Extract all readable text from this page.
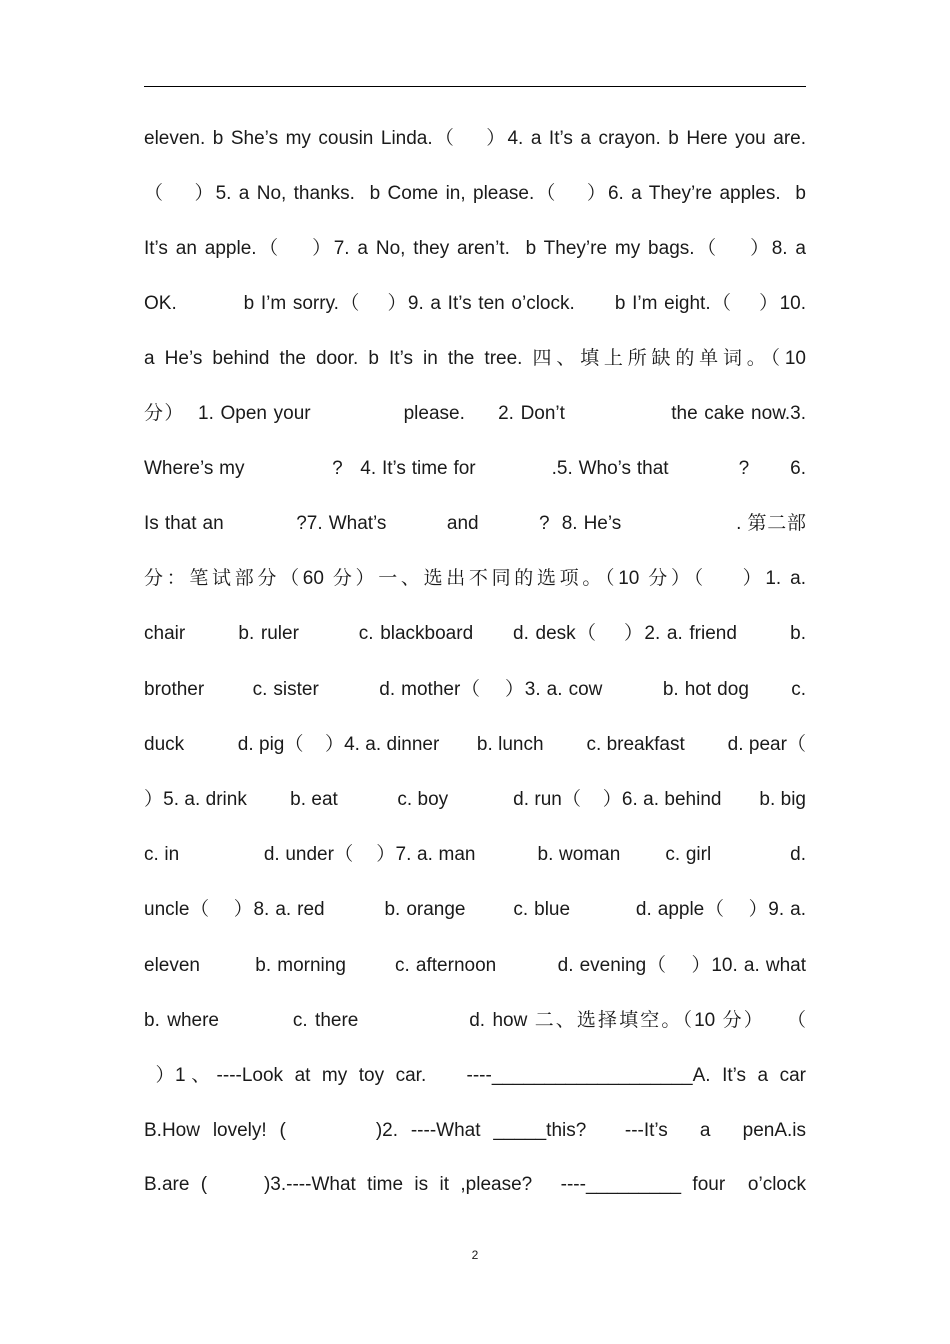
eleven. b She’s my cousin Linda.（    ）4. a It’s a crayon. b Here you are.
（    ）5. a No, thanks.  b Come in, please.（    ）6. a They’re apples.  b
It’s an apple.（    ）7. a No, they aren’t.  b They’re my bags.（    ）8. a
OK.          b I’m sorry.（    ）9. a It’s ten o’clock.      b I’m eight.（    ）10.
a He’s behind the door. b It’s in the tree. 四、填上所缺的单词。（10
分）  1. Open your              please.     2. Don’t                the cake now.3.
Where’s my               ?   4. It’s time for             .5. Who’s that            ?       6.
Is that an            ?7. What’s          and          ?  8. He’s                   . 第二部
分：笔试部分（60 分）一、选出不同的选项。（10 分）（    ）1. a.
chair        b. ruler         c. blackboard      d. desk（    ）2. a. friend        b.
brother        c. sister          d. mother（    ）3. a. cow          b. hot dog       c.
duck          d. pig（    ）4. a. dinner       b. lunch        c. breakfast        d. pear（
）5. a. drink        b. eat           c. boy            d. run（    ）6. a. behind       b. big
c. in               d. under（    ）7. a. man           b. woman        c. girl              d.
uncle（    ）8. a. red          b. orange        c. blue           d. apple（    ）9. a.
eleven         b. morning        c. afternoon          d. evening（    ）10. a. what
b. where          c. there               d. how 二、选择填空。（10 分）   （
）1 、 ----Look  at  my  toy  car.       ----___________________A.  It’s  a  car
B.How  lovely!  (              )2.  ----What  _____this?      ---It’s     a     penA.is
B.are  (          )3.----What  time  is  it  ,please?     ----_________  four    o’clock
2
